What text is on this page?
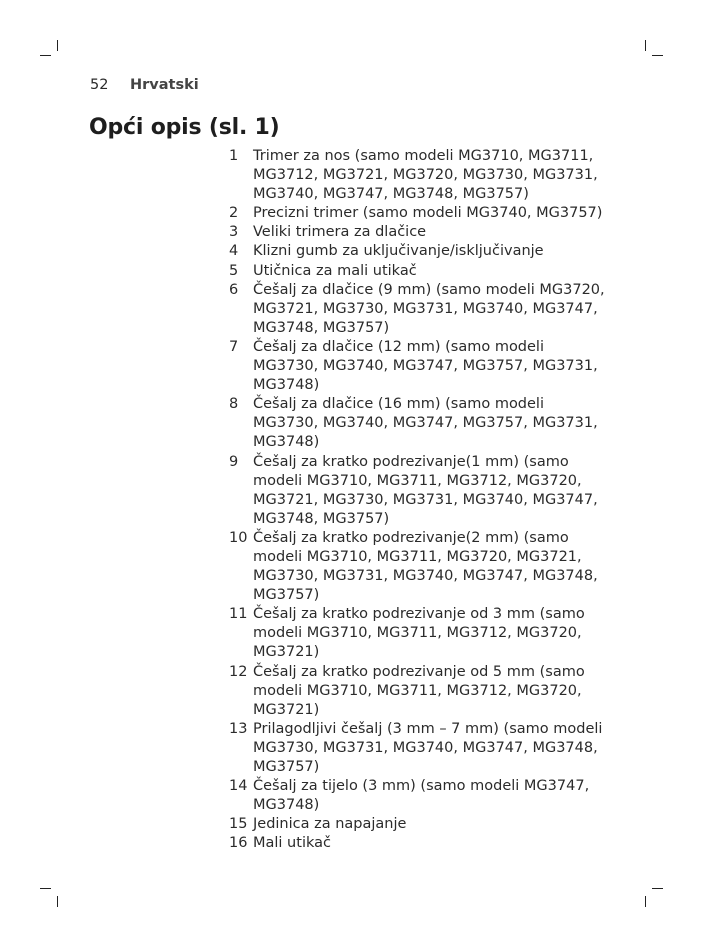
52	Hrvatski
Opći opis (sl. 1)
1	Trimer za nos (samo modeli MG3710, MG3711,
MG3712, MG3721, MG3720, MG3730, MG3731,
MG3740, MG3747, MG3748, MG3757)
2	Precizni trimer (samo modeli MG3740, MG3757)
3	Veliki trimera za dlačice
4	Klizni gumb za uključivanje/isključivanje
5	Utičnica za mali utikač
6	Češalj za dlačice (9 mm) (samo modeli MG3720,
MG3721, MG3730, MG3731, MG3740, MG3747,
MG3748, MG3757)
7	Češalj za dlačice (12 mm) (samo modeli
MG3730, MG3740, MG3747, MG3757, MG3731,
MG3748)
8	Češalj za dlačice (16 mm) (samo modeli
MG3730, MG3740, MG3747, MG3757, MG3731,
MG3748)
9	Češalj za kratko podrezivanje(1 mm) (samo
modeli MG3710, MG3711, MG3712, MG3720,
MG3721, MG3730, MG3731, MG3740, MG3747,
MG3748, MG3757)
10 Češalj za kratko podrezivanje(2 mm) (samo
modeli MG3710, MG3711, MG3720, MG3721,
MG3730, MG3731, MG3740, MG3747, MG3748,
MG3757)
11 Češalj za kratko podrezivanje od 3 mm (samo
modeli MG3710, MG3711, MG3712, MG3720,
MG3721)
12 Češalj za kratko podrezivanje od 5 mm (samo
modeli MG3710, MG3711, MG3712, MG3720,
MG3721)
13 Prilagodljivi češalj (3 mm – 7 mm) (samo modeli
MG3730, MG3731, MG3740, MG3747, MG3748,
MG3757)
14 Češalj za tijelo (3 mm) (samo modeli MG3747,
MG3748)
15 Jedinica za napajanje
16 Mali utikač
